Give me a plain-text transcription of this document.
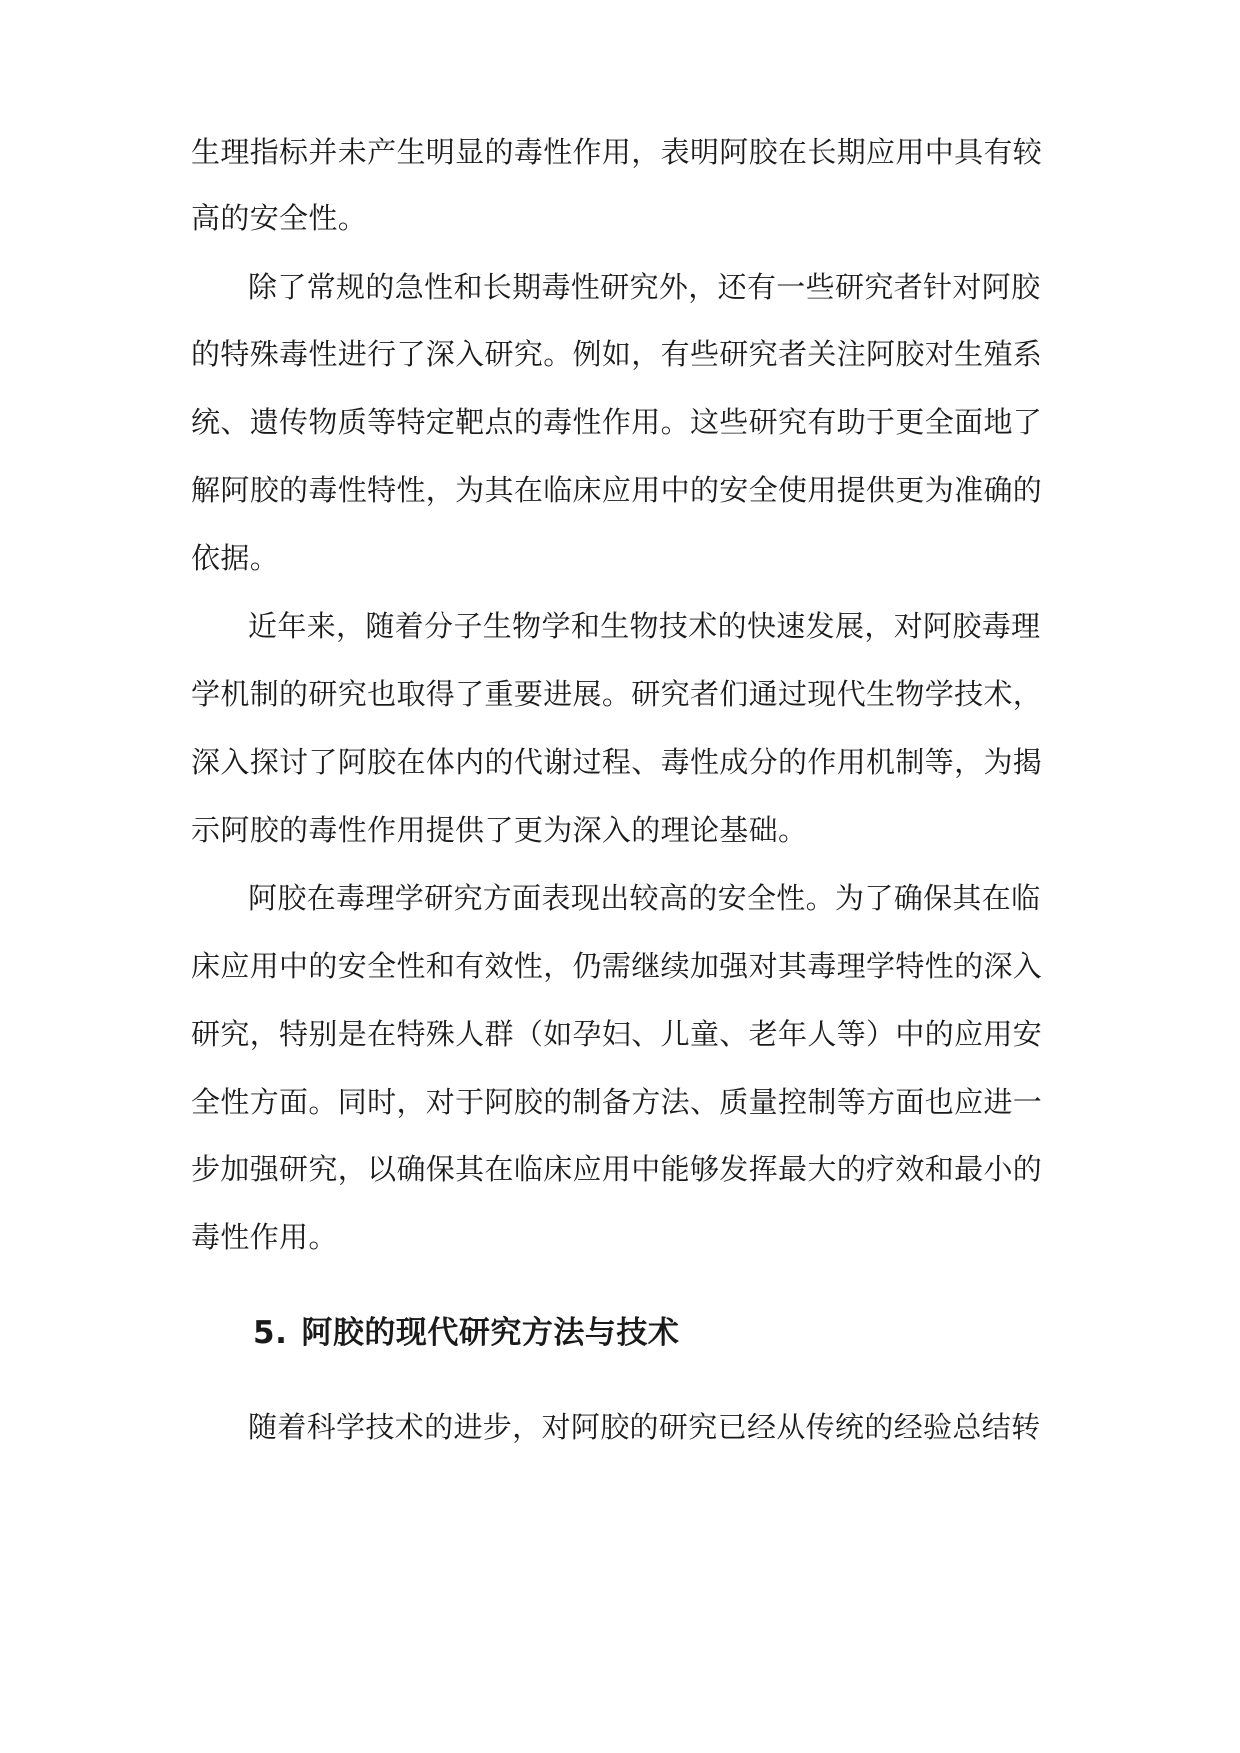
生理指标并未产生明显的毒性作用，表明阿胶在长期应用中具有较

高的安全性。

除了常规的急性和长期毒性研究外，还有一些研究者针对阿胶

的特殊毒性进行了深入研究。例如，有些研究者关注阿胶对生殖系

统、遗传物质等特定靶点的毒性作用。这些研究有助于更全面地了

解阿胶的毒性特性，为其在临床应用中的安全使用提供更为准确的

依据。

近年来，随着分子生物学和生物技术的快速发展，对阿胶毒理

学机制的研究也取得了重要进展。研究者们通过现代生物学技术，

深入探讨了阿胶在体内的代谢过程、毒性成分的作用机制等，为揭

示阿胶的毒性作用提供了更为深入的理论基础。

阿胶在毒理学研究方面表现出较高的安全性。为了确保其在临

床应用中的安全性和有效性，仍需继续加强对其毒理学特性的深入

研究，特别是在特殊人群（如孕妇、儿童、老年人等）中的应用安

全性方面。同时，对于阿胶的制备方法、质量控制等方面也应进一

步加强研究，以确保其在临床应用中能够发挥最大的疗效和最小的

毒性作用。

5. 阿胶的现代研究方法与技术

随着科学技术的进步，对阿胶的研究已经从传统的经验总结转
